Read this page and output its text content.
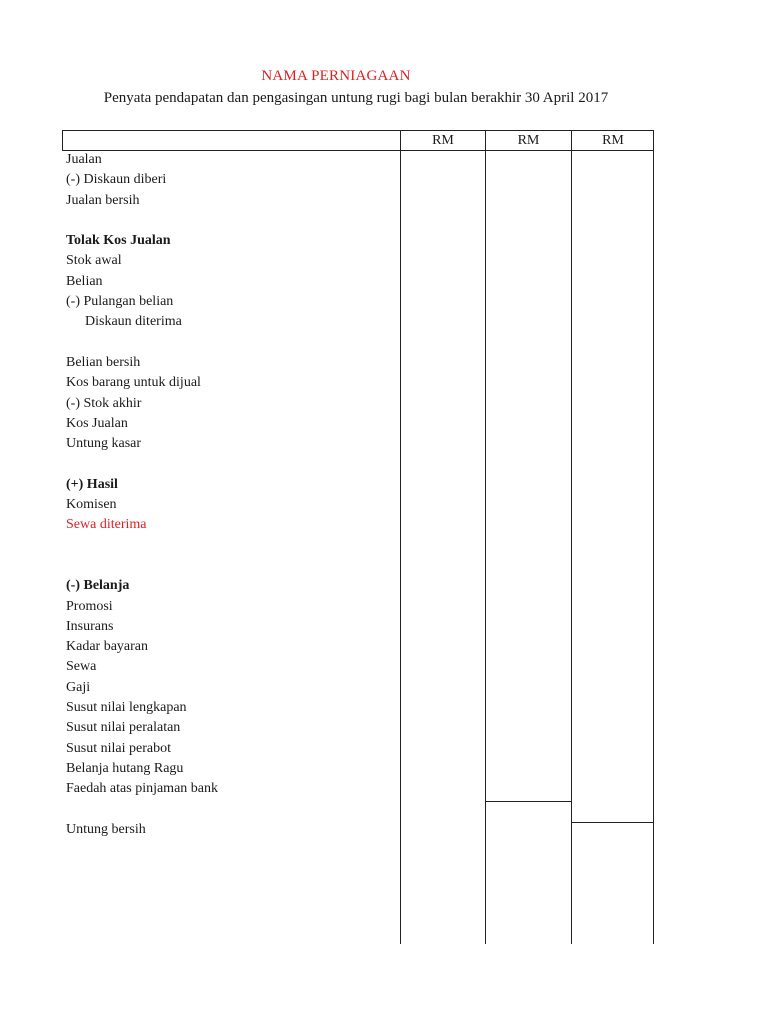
NAMA PERNIAGAAN
Penyata pendapatan dan pengasingan untung rugi bagi bulan berakhir 30 April 2017
RM	RM	RM
Jualan
(-) Diskaun diberi
Jualan bersih
Tolak Kos Jualan
Stok awal
Belian
(-) Pulangan belian
Diskaun diterima
Belian bersih
Kos barang untuk dijual
(-) Stok akhir
Kos Jualan
Untung kasar
(+) Hasil
Komisen
Sewa diterima
(-) Belanja
Promosi
Insurans
Kadar bayaran
Sewa
Gaji
Susut nilai lengkapan
Susut nilai peralatan
Susut nilai perabot
Belanja hutang Ragu
Faedah atas pinjaman bank
Untung bersih
